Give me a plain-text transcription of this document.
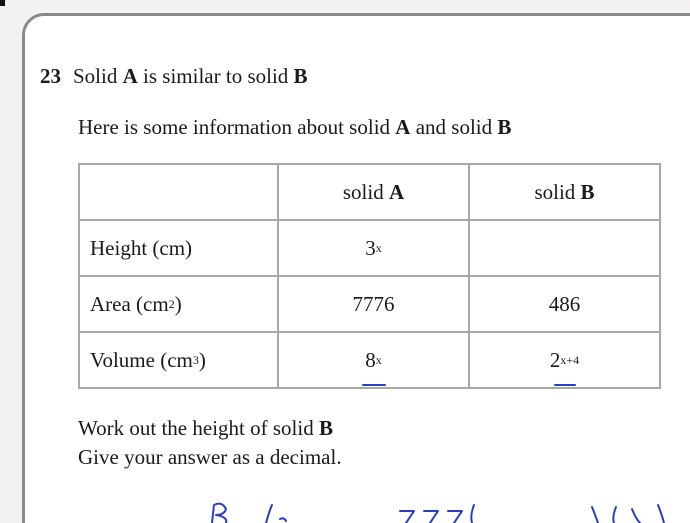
23 Solid A is similar to solid B
Here is some information about solid A and solid B
	solid A	solid B
Height (cm)	3$^x$	
Area $(cm^2)$	7776	486
Volume $(cm^3)$	8$^x$	$2^{x+4}$
Work out the height of solid B
Give your answer as a decimal.
